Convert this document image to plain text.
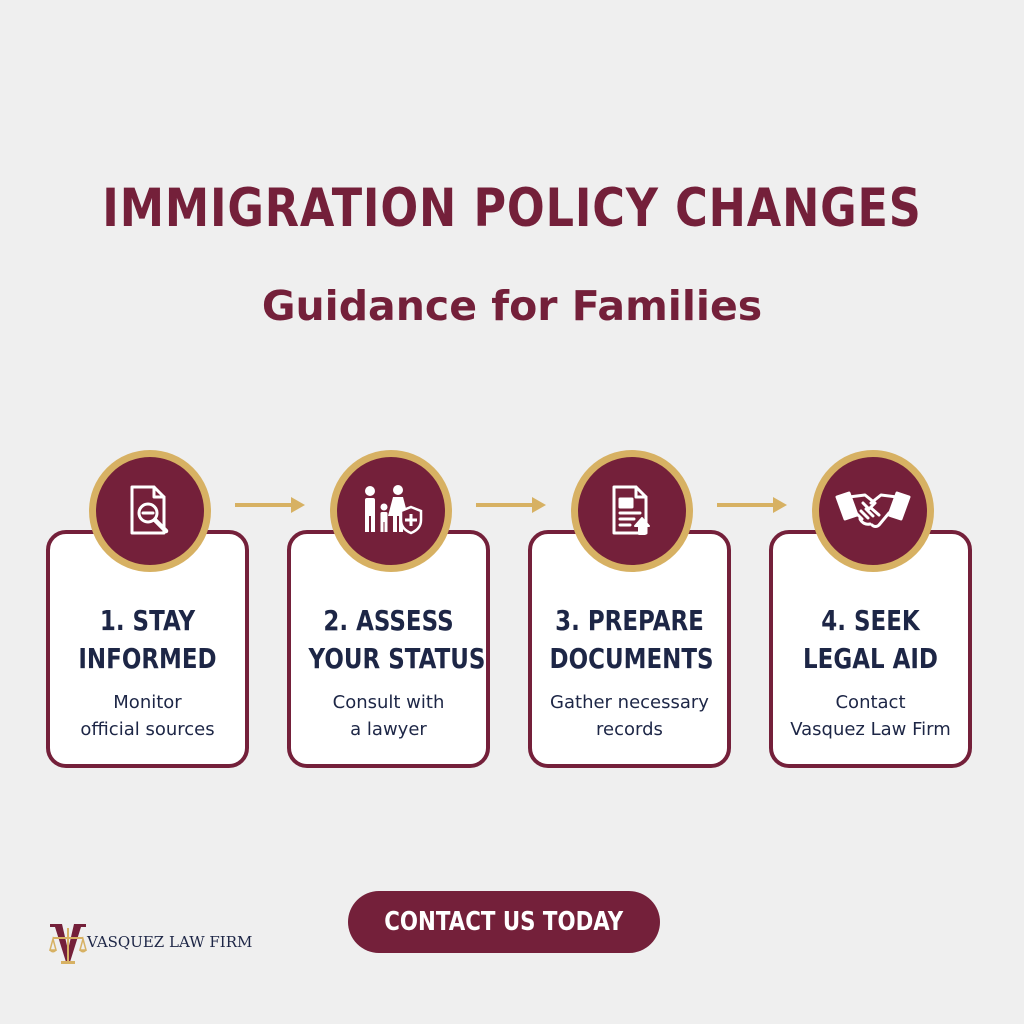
IMMIGRATION POLICY CHANGES
Guidance for Families
1. STAY
INFORMED
Monitor
official sources
2. ASSESS
YOUR STATUS
Consult with
a lawyer
3. PREPARE
DOCUMENTS
Gather necessary
records
4. SEEK
LEGAL AID
Contact
Vasquez Law Firm
CONTACT US TODAY
VASQUEZ LAW FIRM
